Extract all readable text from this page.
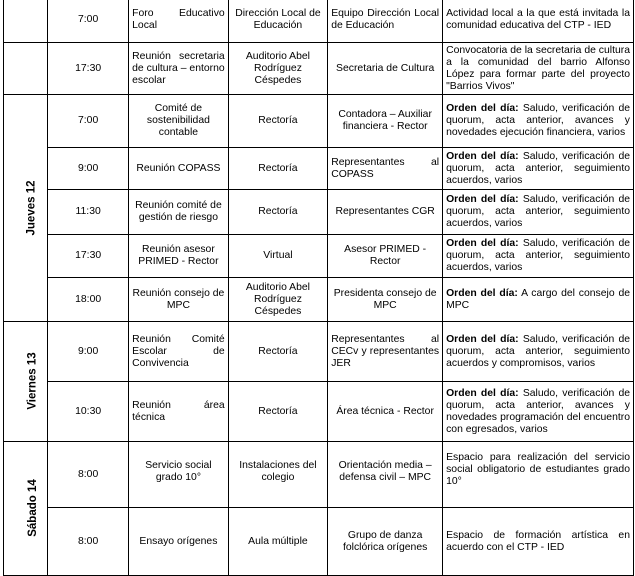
	7:00	Foro Educativo Local	Dirección Local de Educación	Equipo Dirección Local de Educación	Actividad local a la que está invitada la comunidad educativa del CTP - IED
	17:30	Reunión secretaria de cultura – entorno escolar	Auditorio Abel Rodríguez Céspedes	Secretaria de Cultura	Convocatoria de la secretaria de cultura a la comunidad del barrio Alfonso López para formar parte del proyecto "Barrios Vivos"
Jueves 12	7:00	Comité de sostenibilidad contable	Rectoría	Contadora – Auxiliar financiera - Rector	Orden del día: Saludo, verificación de quorum, acta anterior, avances y novedades ejecución financiera, varios
	9:00	Reunión COPASS	Rectoría	Representantes al COPASS	Orden del día: Saludo, verificación de quorum, acta anterior, seguimiento acuerdos, varios
	11:30	Reunión comité de gestión de riesgo	Rectoría	Representantes CGR	Orden del día: Saludo, verificación de quorum, acta anterior, seguimiento acuerdos, varios
	17:30	Reunión asesor PRIMED - Rector	Virtual	Asesor PRIMED - Rector	Orden del día: Saludo, verificación de quorum, acta anterior, seguimiento acuerdos, varios
	18:00	Reunión consejo de MPC	Auditorio Abel Rodríguez Céspedes	Presidenta consejo de MPC	Orden del día: A cargo del consejo de MPC
Viernes 13	9:00	Reunión Comité Escolar de Convivencia	Rectoría	Representantes al CECv y representantes JER	Orden del día: Saludo, verificación de quorum, acta anterior, seguimiento acuerdos y compromisos, varios
	10:30	Reunión área técnica	Rectoría	Área técnica - Rector	Orden del día: Saludo, verificación de quorum, acta anterior, avances y novedades programación del encuentro con egresados, varios
Sábado 14	8:00	Servicio social grado 10°	Instalaciones del colegio	Orientación media – defensa civil – MPC	Espacio para realización del servicio social obligatorio de estudiantes grado 10°
	8:00	Ensayo orígenes	Aula múltiple	Grupo de danza folclórica orígenes	Espacio de formación artística en acuerdo con el CTP - IED
